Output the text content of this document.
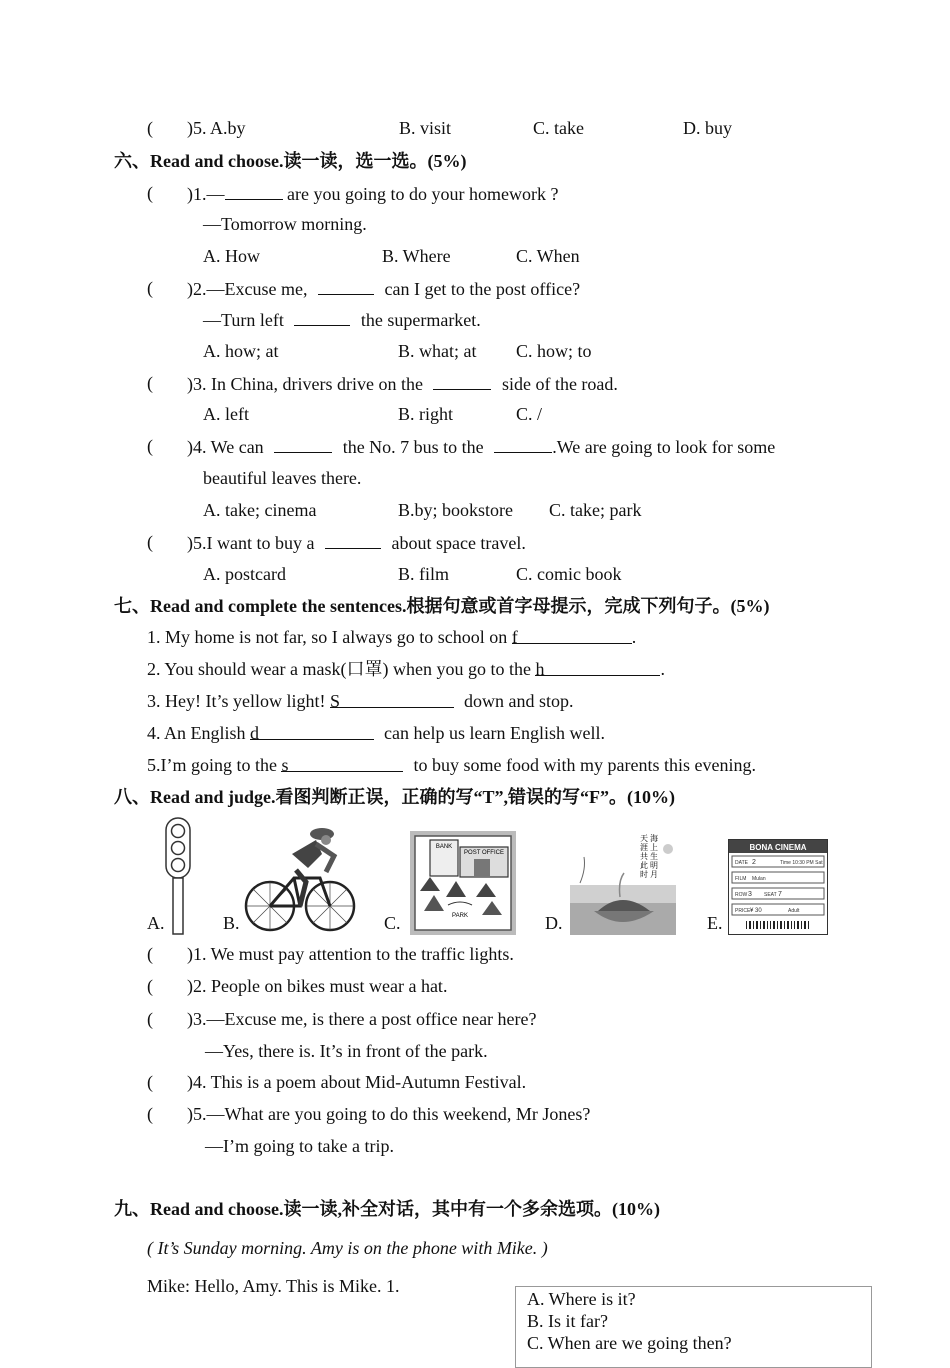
( )5. A.by	B. visit	C. take	D. buy
六、Read and choose.读一读，选一选。(5%)
( )1.—	are you going to do your homework ?
—Tomorrow morning.
A. How	B. Where	C. When
( )2.—Excuse me,	can I get to the post office?
—Turn left	the supermarket.
A. how; at	B. what; at C. how; to
( )3. In China, drivers drive on the	side of the road.
A. left	B. right	C. /
( )4. We can	the No. 7 bus to the	.We are going to look for some
beautiful leaves there.
A. take; cinema	B.by; bookstore C. take; park
( )5.I want to buy a	about space travel.
A. postcard	B. film	C. comic book
七、Read and complete the sentences.根据句意或首字母提示，完成下列句子。(5%)
1. My home is not far, so I always go to school on f	.
2. You should wear a mask(口罩) when you go to the h	.
3. Hey! It’s yellow light! S	down and stop.
4. An English d	can help us learn English well.
5.I’m going to the s	to buy some food with my parents this evening.
八、Read and judge.看图判断正误，正确的写“T”,错误的写“F”。(10%)
A.	B.	C.	D.	E.
BANK
POST OFFICE
PARK
天涯共此时
海上生明月
BONA CINEMA
DATE 2	Time 10:30 PM Sat
FILM Mulan
ROW 3 SEAT 7
PRICE ¥ 30	Adult
( )1. We must pay attention to the traffic lights.
( )2. People on bikes must wear a hat.
( )3.—Excuse me, is there a post office near here?
—Yes, there is. It’s in front of the park.
( )4. This is a poem about Mid-Autumn Festival.
( )5.—What are you going to do this weekend, Mr Jones?
—I’m going to take a trip.
九、Read and choose.读一读,补全对话，其中有一个多余选项。(10%)
( It’s Sunday morning. Amy is on the phone with Mike. )
Mike: Hello, Amy. This is Mike. 1.
A. Where is it?
B. Is it far?
C. When are we going then?
